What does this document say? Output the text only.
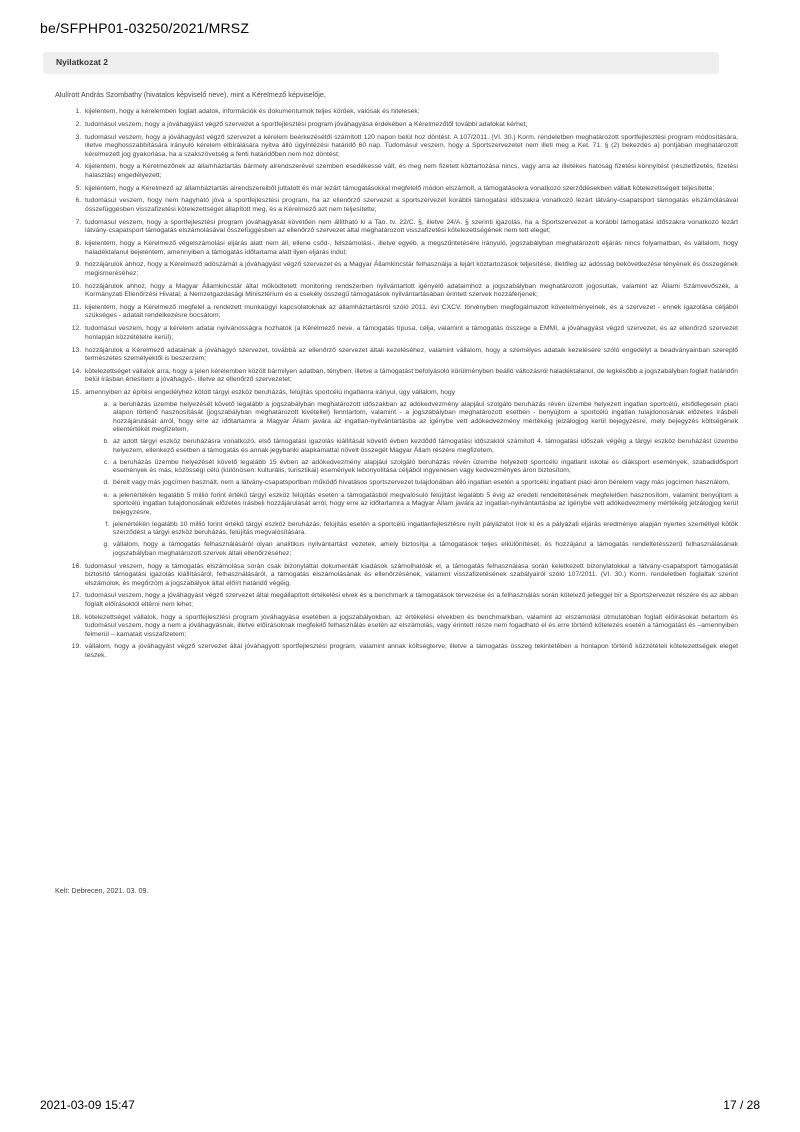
be/SFPHP01-03250/2021/MRSZ
Nyilatkozat 2
Alulírott András Szombathy (hivatalos képviselő neve), mint a Kérelmező képviselője,
1. kijelentem, hogy a kérelemben foglalt adatok, információk és dokumentumok teljes körűek, valósak és hitelesek;
2. tudomásul veszem, hogy a jóváhagyást végző szervezet a sportfejlesztési program jóváhagyása érdekében a Kérelmezőtől további adatokat kérhet;
3. tudomásul veszem, hogy a jóváhagyást végző szervezet a kérelem beérkezésétől számított 120 napon belül hoz döntést. A 107/2011. (VI. 30.) Korm. rendeletben meghatározott sportfejlesztési program módosítására, illetve meghosszabbítására irányuló kérelem elbírálására nyitva álló ügyintézési határidő 60 nap. Tudomásul veszem, hogy a Sportszervezetet nem illeti meg a Ket. 71. § (2) bekezdés a) pontjában meghatározott kérelmezett jog gyakorlása, ha a szakszövetség a fenti határidőben nem hoz döntést;
4. kijelentem, hogy a Kérelmezőnek az államháztartás bármely alrendszerével szemben esedékessé vált, és meg nem fizetett köztartozása nincs, vagy arra az illetékes hatóság fizetési könnyítést (részletfizetés, fizetési halasztás) engedélyezett;
5. kijelentem, hogy a Kérelmező az államháztartás alrendszereiből juttatott és már lezárt támogatásokkal megfelelő módon elszámolt, a támogatásokra vonatkozó szerződésekben vállalt kötelezettségeit teljesítette;
6. tudomásul veszem, hogy nem hagyható jóvá a sportfejlesztési program, ha az ellenőrző szervezet a sportszervezet korábbi támogatási időszakra vonatkozó lezárt látvány-csapatsport támogatás elszámolásával összefüggésben visszafizetési kötelezettségét állapított meg, és a Kérelmező azt nem teljesítette;
7. tudomásul veszem, hogy a sportfejlesztési program jóváhagyását követően nem állítható ki a Tao. tv. 22/C. §, illetve 24/A. § szerinti igazolás, ha a Sportszervezet a korábbi támogatási időszakra vonatkozó lezárt látvány-csapatsport támogatás elszámolásával összefüggésben az ellenőrző szervezet által meghatározott visszafizetési kötelezettségének nem tett eleget;
8. kijelentem, hogy a Kérelmező végelszámolási eljárás alatt nem áll, ellene csőd-, felszámolási-, illetve egyéb, a megszűntetésére irányuló, jogszabályban meghatározott eljárás nincs folyamatban, és vállalom, hogy haladéktalanul bejelentem, amennyiben a támogatás időtartama alatt ilyen eljárás indul;
9. hozzájárulok ahhoz, hogy a Kérelmező adószámát a jóváhagyást végző szervezet és a Magyar Államkincstár felhasználja a lejárt köztartozások teljesítése, illetőleg az adósság bekövetkezése tényének és összegének megismeréséhez;
10. hozzájárulok ahhoz, hogy a Magyar Államkincstár által működtetett monitoring rendszerben nyilvántartott igényélő adataimhoz a jogszabályban meghatározott jogosultak, valamint az Állami Számvevőszék, a Kormányzati Ellenőrzési Hivatal, a Nemzetgazdasági Minisztérium és a csekély összegű támogatások nyilvántartásában érintett szervek hozzáférjenek;
11. kijelentem, hogy a Kérelmező megfelel a rendezett munkaügyi kapcsolatoknak az államháztartásról szóló 2011. évi CXCV. törvényben megfogalmazott követelményeinek, és a szervezet - ennek igazolása céljából szükséges - adatait rendelkezésre bocsátom;
12. tudomásul veszem, hogy a kérelem adatai nyilvánosságra hozhatók (a Kérelmező neve, a támogatás típusa, célja, valamint a támogatás összege a EMMI, a jóváhagyást végző szervezet, és az ellenőrző szervezet honlapján közzétételre kerül);
13. hozzájárulok a Kérelmező adatainak a jóváhagyó szervezet, továbbá az ellenőrző szervezet általi kezeléséhez, valamint vállalom, hogy a személyes adataik kezelésére szóló engedélyt a beadványainban szereplő természetes személyektől is beszerzem;
14. kötelezettséget vállalok arra, hogy a jelen kérelemben közölt bármilyen adatban, tényben, illetve a támogatást befolyásoló körülményben beálló változásról haladéktalanul, de legkésőbb a jogszabályban foglalt határidőn belül írásban értesítem a jóváhagyó-, illetve az ellenőrző szervezetet;
15. amennyiben az építési engedélyhez kötött tárgyi eszköz beruházás, felújítás sportcélú ingatlanra irányul, úgy vállalom, hogy
a. a beruházás üzembe helyezését követő legalább a jogszabályban meghatározott időszakban az adókedvezmény alapjául szolgáló beruházás révén üzembe helyezett ingatlan sportcélú, elsődlegesen piaci alapon történő hasznosítását (jogszabályban meghatározott kivétellel) fenntartom, valamint - a jogszabályban meghatározott esetben - benyújtom a sportcélú ingatlan tulajdonosának előzetes írásbeli hozzájárulását arról, hogy erre az időtartamra a Magyar Állam javára az ingatlan-nyilvántartásba az igénybe vett adókedvezmény mértékéig jelzálogjog kerül bejegyzésre, mely bejegyzés költségének ellentértékét megfizetem,
b. az adott tárgyi eszköz beruházásra vonatkozó, első támogatási igazolás kiállítását követő évben kezdődő támogatási időszaktól számított 4. támogatási időszak végéig a tárgyi eszköz beruházást üzembe helyezem, ellenkező esetben a támogatás és annak jegybanki alapkamattal növelt összegét Magyar Állam részére megfizetem,
c. a beruházás üzembe helyezését követő legalább 15 évben az adókedvezmény alapjául szolgáló beruházás révén üzembe helyezett sportcélú ingatlant iskolai és diáksport események, szabadidősport események és más, közösségi célú (különösen: kulturális, turisztikai) események lebonyolítása céljából ingyenesen vagy kedvezményes áron biztosítom,
d. bérelt vagy más jogcímen használt, nem a látvány-csapatsportban működő hivatásos sportszervezet tulajdonában álló ingatlan esetén a sportcélú ingatlant piaci áron bérelem vagy más jogcímen használom,
e. a jelenértékén legalább 5 millió forint értékű tárgyi eszköz felújítás esetén a támogatásból megvalósuló felújítást legalább 5 évig az eredeti rendeltetésének megfelelően hasznosítom, valamint benyújtom a sportcélú ingatlan tulajdonosának előzetes írásbeli hozzájárulását arról, hogy erre az időtartamra a Magyar Állam javára az ingatlan-nyilvántartásba az igénybe vett adókedvezmény mértékéig jelzálogjog kerül bejegyzésre,
f. jelenértékén legalább 10 millió forint értékű tárgyi eszköz beruházás, felújítás esetén a sportcélú ingatlanfejlesztésre nyílt pályázatot írok ki és a pályázati eljárás eredménye alapján nyertes személlyel kötök szerződést a tárgyi eszköz beruházás, felújítás megvalósítására.
g. vállalom, hogy a támogatás felhasználásáról olyan analitikus nyilvántartást vezetek, amely biztosítja a támogatások teljes elkülönítését, és hozzájárul a támogatás rendeltetésszerű felhasználásának jogszabályban meghatározott szervek általi ellenőrzéséhez;
16. tudomásul veszem, hogy a támogatás elszámolása során csak bizonylattal dokumentált kiadások számolhatóak el, a támogatás felhasználása során keletkezett bizonylatokkal a látvány-csapatsport támogatását biztosító támogatási igazolás kiállításáról, felhasználásáról, a támogatás elszámolásának és ellenőrzésének, valamint visszafizetésének szabályairól szóló 107/2011. (VI. 30.) Korm. rendeletben foglaltak szerint elszámolok, és megőrzöm a jogszabályok által előírt határidő végéig.
17. tudomásul veszem, hogy a jóváhagyást végző szervezet által megállapított értékelési elvek és a benchmark a támogatások tervezése és a felhasználás során kötelező jelleggel bír a Sportszervezet részére és az abban foglalt előírásoktól eltérni nem lehet;
18. kötelezettséget vállalok, hogy a sportfejlesztési program jóváhagyása esetében a jogszabályokban, az értékelési elvekben és benchmarkban, valamint az elszámolási útmutatóban foglalt előírásokat betartom és tudomásul veszem, hogy a nem a jóváhagyásnak, illetve előírásoknak megfelelő felhasználás esetén az elszámolás, vagy érintett része nem fogadható el és erre történő kötelezés esetén a támogatást és –amennyiben felmerül – kamatait visszafizetem;
19. vállalom, hogy a jóváhagyást végző szervezet által jóváhagyott sportfejlesztési program, valamint annak költségterve, illetve a támogatás összeg tekintetében a honlapon történő közzétételi kötelezettségek eleget teszek.
Kelt: Debrecen, 2021. 03. 09.
2021-03-09 15:47	17 / 28
